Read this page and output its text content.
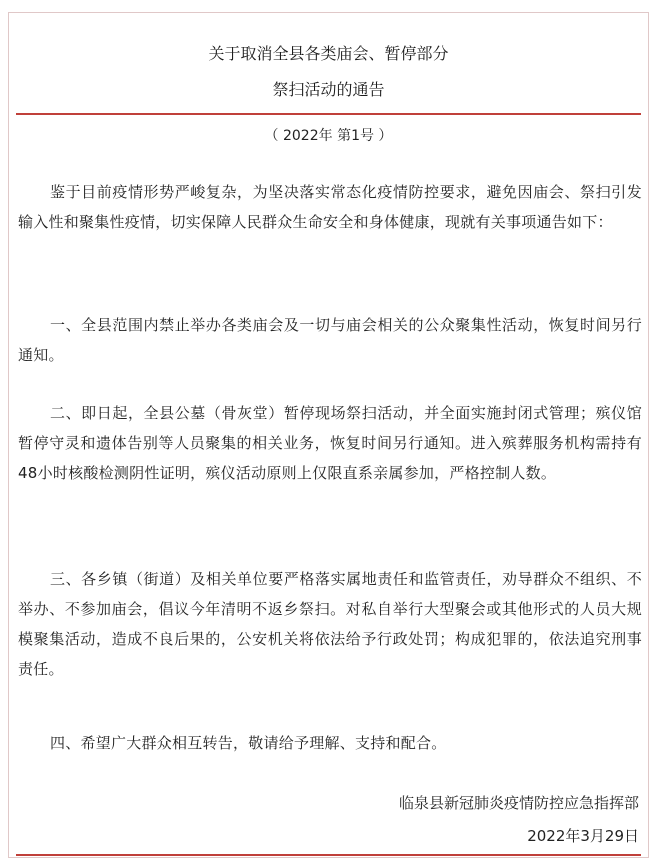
关于取消全县各类庙会、暂停部分
祭扫活动的通告
（ 2022年 第1号 ）
鉴于目前疫情形势严峻复杂，为坚决落实常态化疫情防控要求，避免因庙会、祭扫引发输入性和聚集性疫情，切实保障人民群众生命安全和身体健康，现就有关事项通告如下：
一、全县范围内禁止举办各类庙会及一切与庙会相关的公众聚集性活动，恢复时间另行通知。
二、即日起，全县公墓（骨灰堂）暂停现场祭扫活动，并全面实施封闭式管理；殡仪馆暂停守灵和遗体告别等人员聚集的相关业务，恢复时间另行通知。进入殡葬服务机构需持有48小时核酸检测阴性证明，殡仪活动原则上仅限直系亲属参加，严格控制人数。
三、各乡镇（街道）及相关单位要严格落实属地责任和监管责任，劝导群众不组织、不举办、不参加庙会，倡议今年清明不返乡祭扫。对私自举行大型聚会或其他形式的人员大规模聚集活动，造成不良后果的，公安机关将依法给予行政处罚；构成犯罪的，依法追究刑事责任。
四、希望广大群众相互转告，敬请给予理解、支持和配合。
临泉县新冠肺炎疫情防控应急指挥部
2022年3月29日
